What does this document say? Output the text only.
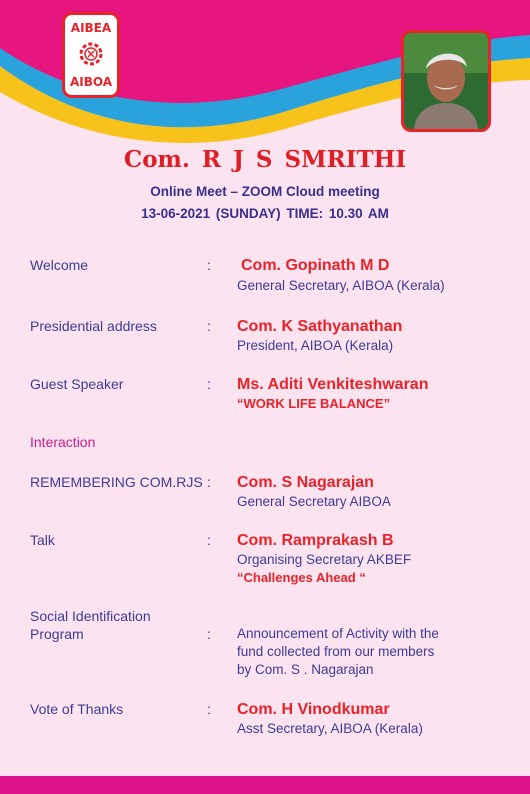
AIBEA
AIBOA
Com. R J S SMRITHI
Online Meet – ZOOM Cloud meeting
13-06-2021 (SUNDAY) TIME: 10.30 AM
Welcome	: Com. Gopinath M D
General Secretary, AIBOA (Kerala)
Presidential address	: Com. K Sathyanathan
President, AIBOA (Kerala)
Guest Speaker	: Ms. Aditi Venkiteshwaran
“WORK LIFE BALANCE”
Interaction
REMEMBERING COM.RJS : Com. S Nagarajan
General Secretary AIBOA
Talk	: Com. Ramprakash B
Organising Secretary AKBEF
“Challenges Ahead “
Social Identification
Program	: Announcement of Activity with the
fund collected from our members
by Com. S . Nagarajan
Vote of Thanks	: Com. H Vinodkumar
Asst Secretary, AIBOA (Kerala)
